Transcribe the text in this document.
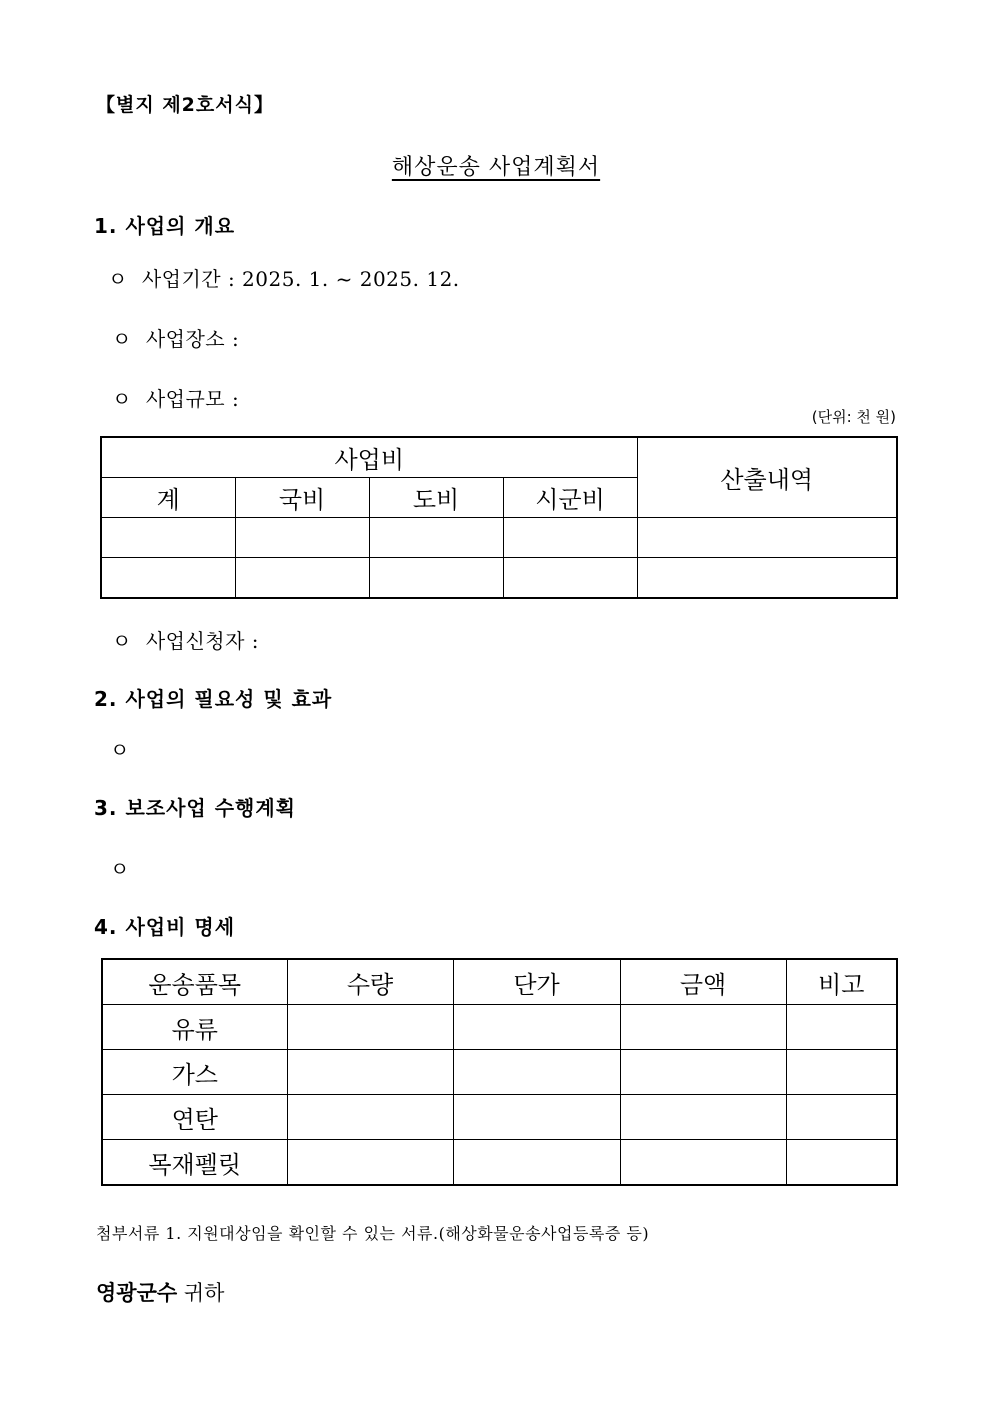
【별지 제2호서식】
해상운송 사업계획서
1. 사업의 개요
ㅇ 사업기간 : 2025. 1. ~ 2025. 12.
ㅇ 사업장소 :
ㅇ 사업규모 :
(단위: 천 원)
사업비				산출내역
계	국비	도비	시군비	

ㅇ 사업신청자 :
2. 사업의 필요성 및 효과
ㅇ
3. 보조사업 수행계획
ㅇ
4. 사업비 명세
운송품목	수량	단가	금액	비고
유류				
가스				
연탄				
목재펠릿				
첨부서류 1. 지원대상임을 확인할 수 있는 서류.(해상화물운송사업등록증 등)
영광군수 귀하
